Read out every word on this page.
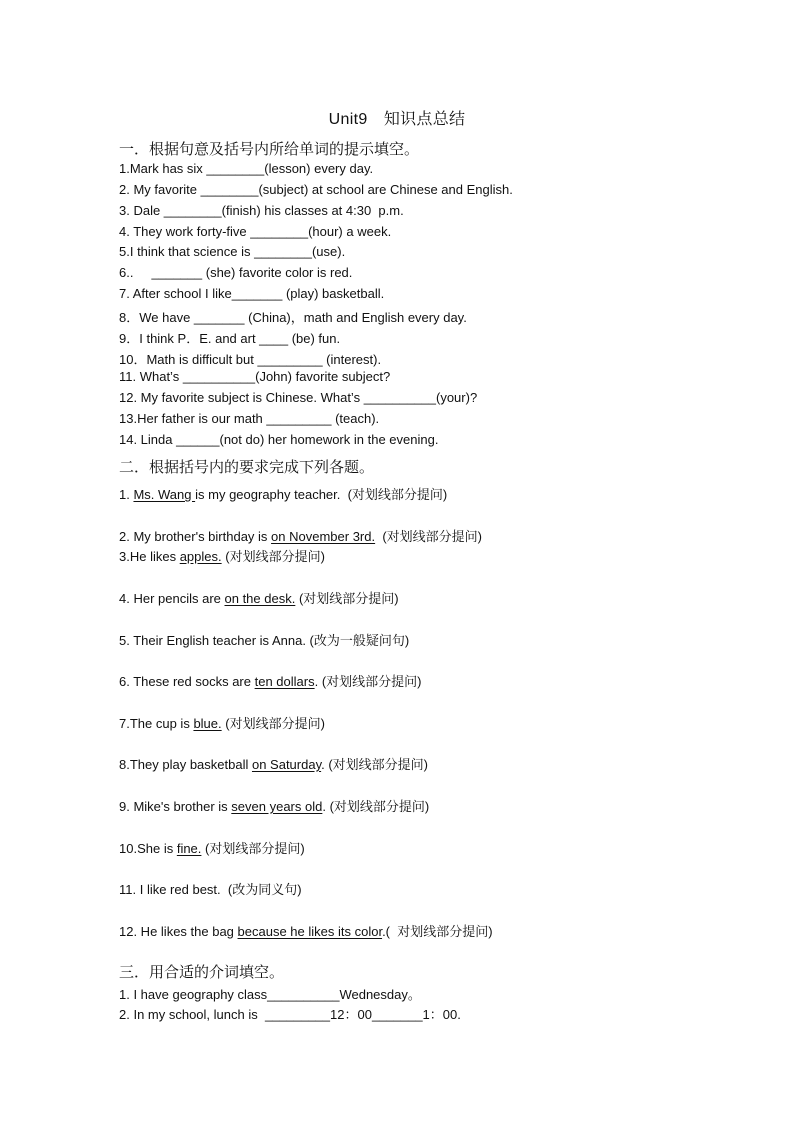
Unit9　知识点总结
一．根据句意及括号内所给单词的提示填空。
1.Mark has six ________(lesson) every day.
2. My favorite ________(subject) at school are Chinese and English.
3. Dale ________(finish) his classes at 4:30  p.m.
4. They work forty-five ________(hour) a week.
5.I think that science is ________(use).
6..     _______ (she) favorite color is red.
7. After school I like_______ (play) basketball.
8．We have _______ (China)，math and English every day.
9．I think P．E. and art ____ (be) fun.
10．Math is difficult but _________ (interest).
11. What’s __________(John) favorite subject?
12. My favorite subject is Chinese. What’s __________(your)?
13.Her father is our math _________ (teach).
14. Linda ______(not do) her homework in the evening.
二．根据括号内的要求完成下列各题。
1. Ms. Wang is my geography teacher.  (对划线部分提问)
2. My brother's birthday is on November 3rd.  (对划线部分提问)
3.He likes apples. (对划线部分提问)
4. Her pencils are on the desk. (对划线部分提问)
5. Their English teacher is Anna. (改为一般疑问句)
6. These red socks are ten dollars. (对划线部分提问)
7.The cup is blue. (对划线部分提问)
8.They play basketball on Saturday. (对划线部分提问)
9. Mike's brother is seven years old. (对划线部分提问)
10.She is fine. (对划线部分提问)
11. I like red best.  (改为同义句)
12. He likes the bag because he likes its color.(  对划线部分提问)
三．用合适的介词填空。
1. I have geography class__________Wednesday。
2. In my school, lunch is  _________12：00_______1：00.
